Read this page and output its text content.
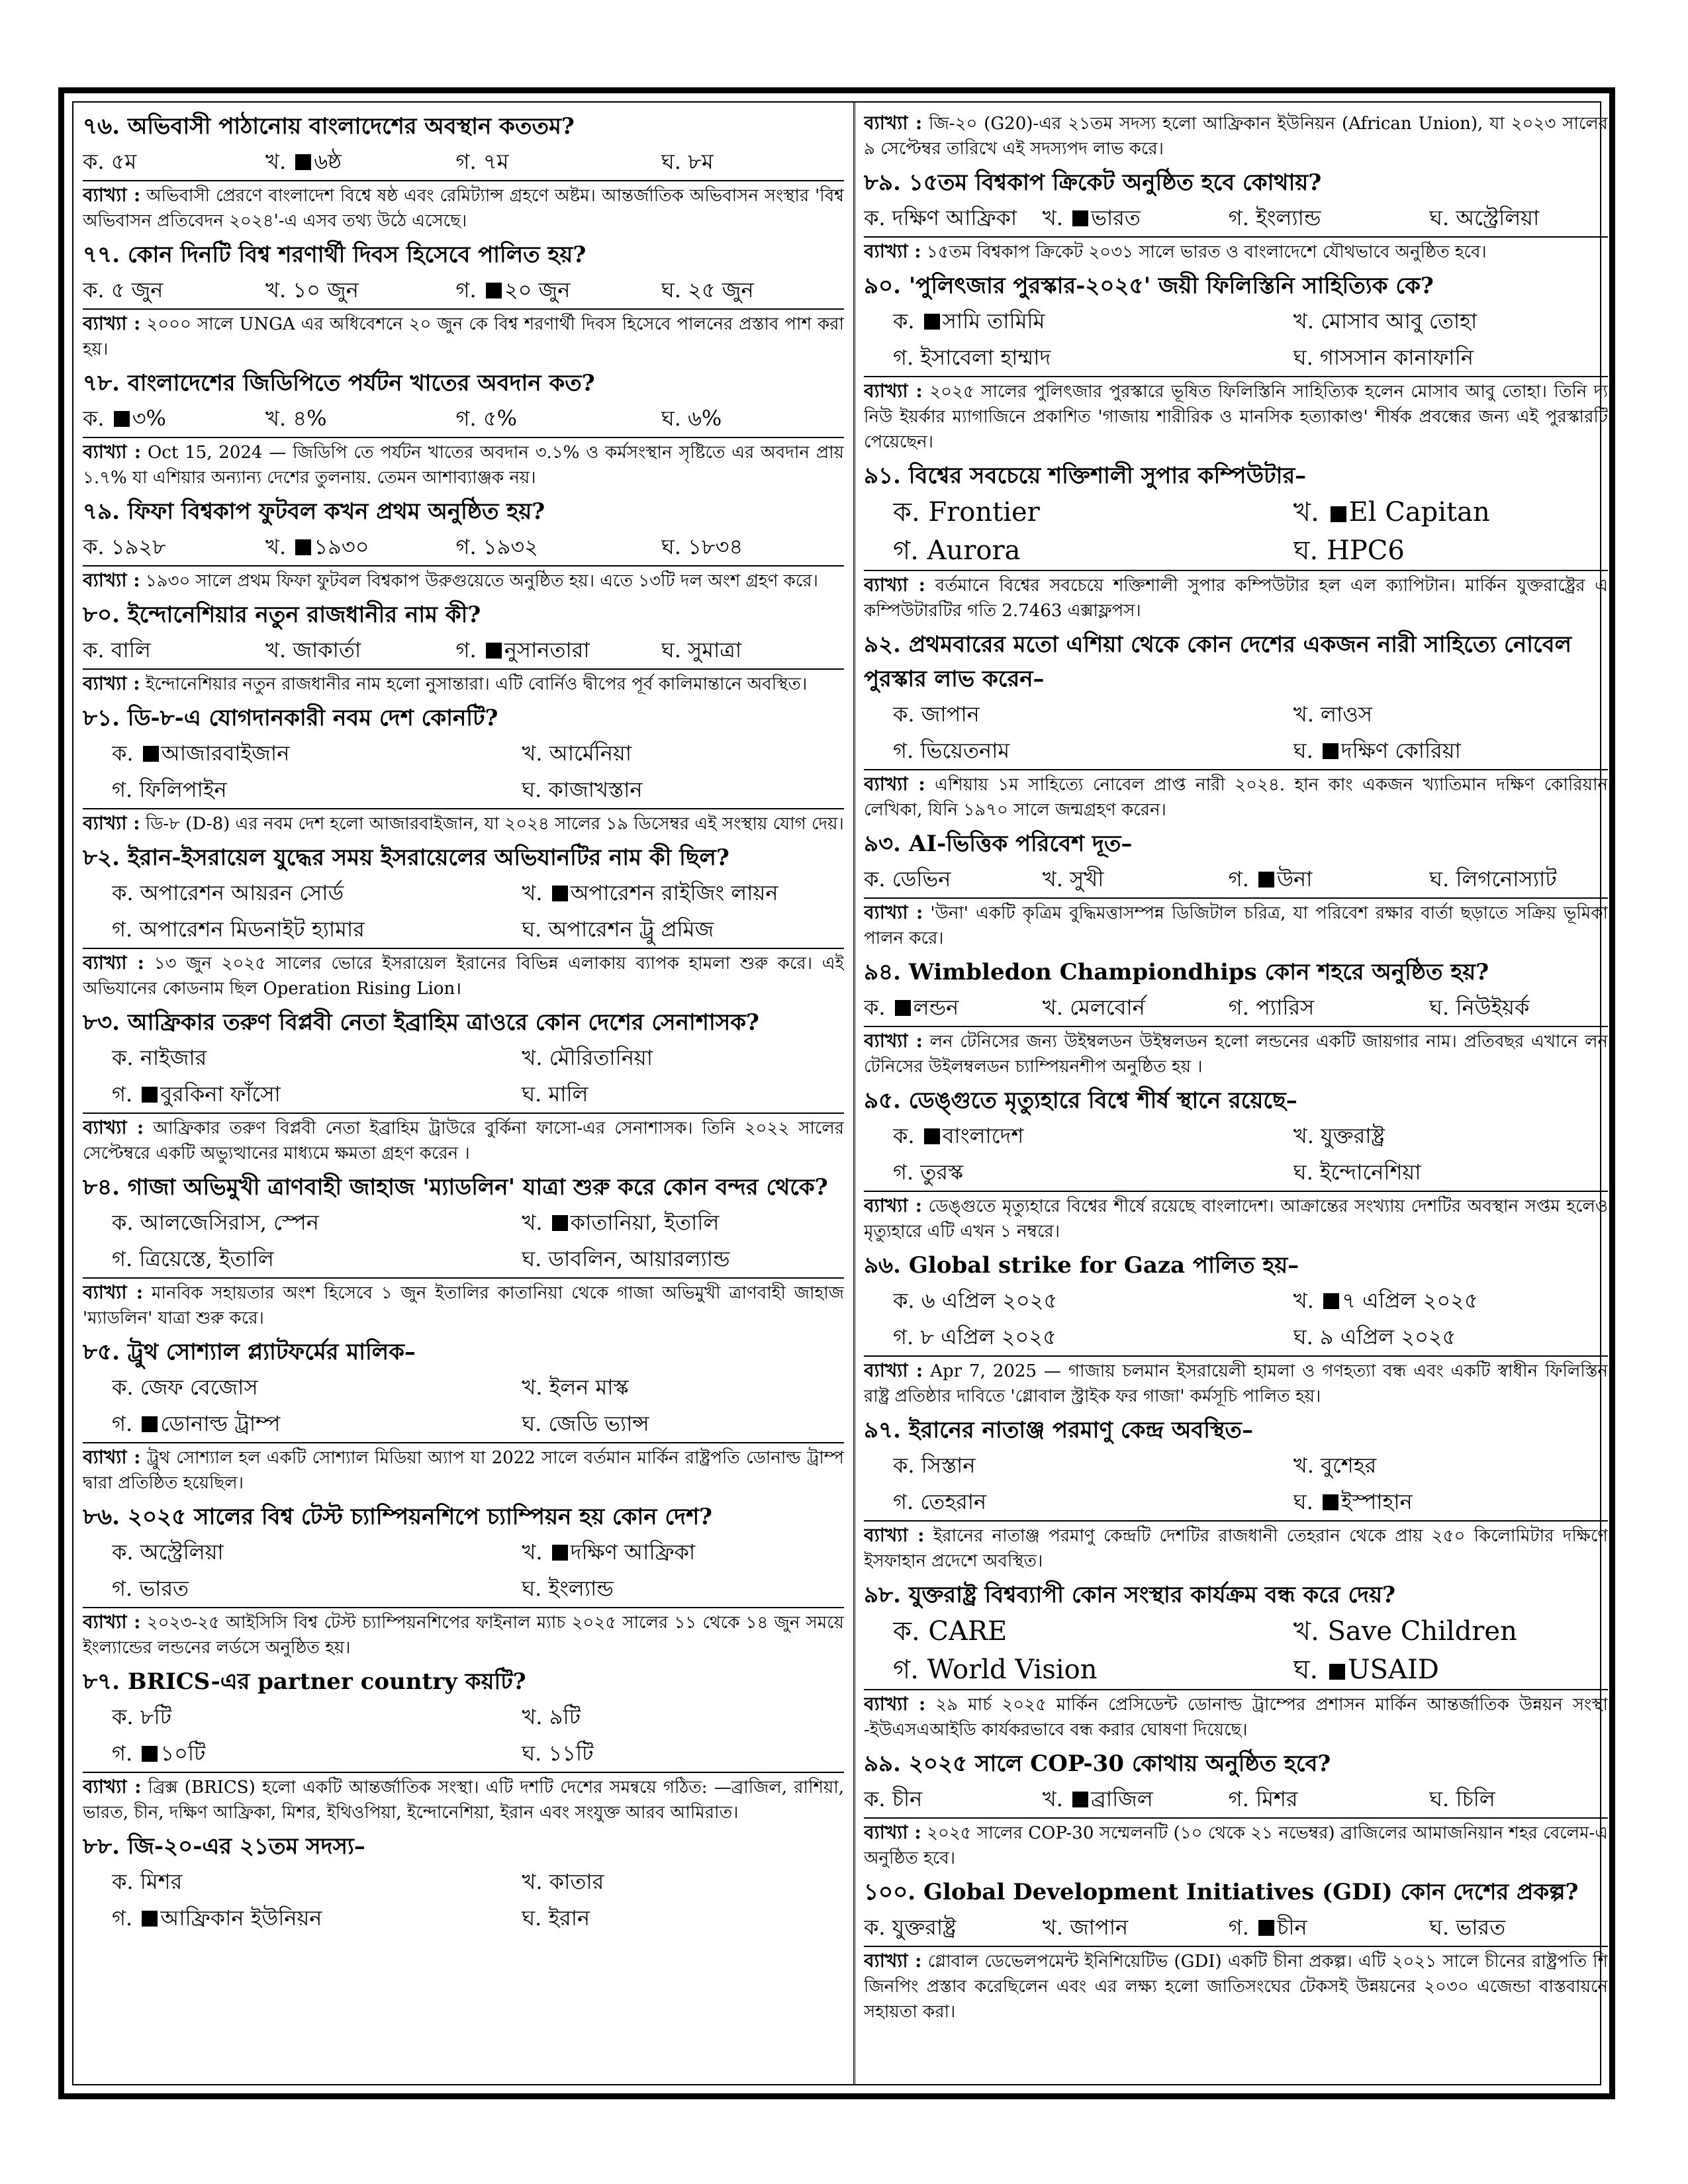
৭৬. অভিবাসী পাঠানোয় বাংলাদেশের অবস্থান কততম?
ক. ৫ম	খ. ৬ষ্ঠ	গ. ৭ম	ঘ. ৮ম
ব্যাখ্যা : অভিবাসী প্রেরণে বাংলাদেশ বিশ্বে ষষ্ঠ এবং রেমিট্যান্স গ্রহণে অষ্টম। আন্তর্জাতিক অভিবাসন সংস্থার 'বিশ্ব অভিবাসন প্রতিবেদন ২০২৪'-এ এসব তথ্য উঠে এসেছে।
৭৭. কোন দিনটি বিশ্ব শরণার্থী দিবস হিসেবে পালিত হয়?
ক. ৫ জুন	খ. ১০ জুন	গ. ২০ জুন	ঘ. ২৫ জুন
ব্যাখ্যা : ২০০০ সালে UNGA এর অধিবেশনে ২০ জুন কে বিশ্ব শরণার্থী দিবস হিসেবে পালনের প্রস্তাব পাশ করা হয়।
৭৮. বাংলাদেশের জিডিপিতে পর্যটন খাতের অবদান কত?
ক. ৩%	খ. ৪%	গ. ৫%	ঘ. ৬%
ব্যাখ্যা : Oct 15, 2024 — জিডিপি তে পর্যটন খাতের অবদান ৩.১% ও কর্মসংস্থান সৃষ্টিতে এর অবদান প্রায় ১.৭% যা এশিয়ার অন্যান্য দেশের তুলনায়. তেমন আশাব্যাঞ্জক নয়।
৭৯. ফিফা বিশ্বকাপ ফুটবল কখন প্রথম অনুষ্ঠিত হয়?
ক. ১৯২৮	খ. ১৯৩০	গ. ১৯৩২	ঘ. ১৮৩৪
ব্যাখ্যা : ১৯৩০ সালে প্রথম ফিফা ফুটবল বিশ্বকাপ উরুগুয়েতে অনুষ্ঠিত হয়। এতে ১৩টি দল অংশ গ্রহণ করে।
৮০. ইন্দোনেশিয়ার নতুন রাজধানীর নাম কী?
ক. বালি	খ. জাকার্তা	গ. নুসানতারা	ঘ. সুমাত্রা
ব্যাখ্যা : ইন্দোনেশিয়ার নতুন রাজধানীর নাম হলো নুসান্তারা। এটি বোর্নিও দ্বীপের পূর্ব কালিমান্তানে অবস্থিত।
৮১. ডি-৮-এ যোগদানকারী নবম দেশ কোনটি?
ক. আজারবাইজান	খ. আর্মেনিয়া
গ. ফিলিপাইন	ঘ. কাজাখস্তান
ব্যাখ্যা : ডি-৮ (D-8) এর নবম দেশ হলো আজারবাইজান, যা ২০২৪ সালের ১৯ ডিসেম্বর এই সংস্থায় যোগ দেয়।
৮২. ইরান-ইসরায়েল যুদ্ধের সময় ইসরায়েলের অভিযানটির নাম কী ছিল?
ক. অপারেশন আয়রন সোর্ড	খ. অপারেশন রাইজিং লায়ন
গ. অপারেশন মিডনাইট হ্যামার	ঘ. অপারেশন ট্রু প্রমিজ
ব্যাখ্যা : ১৩ জুন ২০২৫ সালের ভোরে ইসরায়েল ইরানের বিভিন্ন এলাকায় ব্যাপক হামলা শুরু করে। এই অভিযানের কোডনাম ছিল Operation Rising Lion।
৮৩. আফ্রিকার তরুণ বিপ্লবী নেতা ইব্রাহিম ত্রাওরে কোন দেশের সেনাশাসক?
ক. নাইজার	খ. মৌরিতানিয়া
গ. বুরকিনা ফাঁসো	ঘ. মালি
ব্যাখ্যা : আফ্রিকার তরুণ বিপ্লবী নেতা ইব্রাহিম ট্রাউরে বুর্কিনা ফাসো-এর সেনাশাসক। তিনি ২০২২ সালের সেপ্টেম্বরে একটি অভ্যুত্থানের মাধ্যমে ক্ষমতা গ্রহণ করেন ।
৮৪. গাজা অভিমুখী ত্রাণবাহী জাহাজ 'ম্যাডলিন' যাত্রা শুরু করে কোন বন্দর থেকে?
ক. আলজেসিরাস, স্পেন	খ. কাতানিয়া, ইতালি
গ. ত্রিয়েস্তে, ইতালি	ঘ. ডাবলিন, আয়ারল্যান্ড
ব্যাখ্যা : মানবিক সহায়তার অংশ হিসেবে ১ জুন ইতালির কাতানিয়া থেকে গাজা অভিমুখী ত্রাণবাহী জাহাজ 'ম্যাডলিন' যাত্রা শুরু করে।
৮৫. ট্রুথ সোশ্যাল প্ল্যাটফর্মের মালিক–
ক. জেফ বেজোস	খ. ইলন মাস্ক
গ. ডোনাল্ড ট্রাম্প	ঘ. জেডি ভ্যান্স
ব্যাখ্যা : ট্রুথ সোশ্যাল হল একটি সোশ্যাল মিডিয়া অ্যাপ যা 2022 সালে বর্তমান মার্কিন রাষ্ট্রপতি ডোনাল্ড ট্রাম্প দ্বারা প্রতিষ্ঠিত হয়েছিল।
৮৬. ২০২৫ সালের বিশ্ব টেস্ট চ্যাম্পিয়নশিপে চ্যাম্পিয়ন হয় কোন দেশ?
ক. অস্ট্রেলিয়া	খ. দক্ষিণ আফ্রিকা
গ. ভারত	ঘ. ইংল্যান্ড
ব্যাখ্যা : ২০২৩-২৫ আইসিসি বিশ্ব টেস্ট চ্যাম্পিয়নশিপের ফাইনাল ম্যাচ ২০২৫ সালের ১১ থেকে ১৪ জুন সময়ে ইংল্যান্ডের লন্ডনের লর্ডসে অনুষ্ঠিত হয়।
৮৭. BRICS-এর partner country কয়টি?
ক. ৮টি	খ. ৯টি
গ. ১০টি	ঘ. ১১টি
ব্যাখ্যা : ব্রিক্স (BRICS) হলো একটি আন্তর্জাতিক সংস্থা। এটি দশটি দেশের সমন্বয়ে গঠিত: —ব্রাজিল, রাশিয়া, ভারত, চীন, দক্ষিণ আফ্রিকা, মিশর, ইথিওপিয়া, ইন্দোনেশিয়া, ইরান এবং সংযুক্ত আরব আমিরাত।
৮৮. জি-২০-এর ২১তম সদস্য–
ক. মিশর	খ. কাতার
গ. আফ্রিকান ইউনিয়ন	ঘ. ইরান
ব্যাখ্যা : জি-২০ (G20)-এর ২১তম সদস্য হলো আফ্রিকান ইউনিয়ন (African Union), যা ২০২৩ সালের ৯ সেপ্টেম্বর তারিখে এই সদস্যপদ লাভ করে।
৮৯. ১৫তম বিশ্বকাপ ক্রিকেট অনুষ্ঠিত হবে কোথায়?
ক. দক্ষিণ আফ্রিকা	খ. ভারত	গ. ইংল্যান্ড	ঘ. অস্ট্রেলিয়া
ব্যাখ্যা : ১৫তম বিশ্বকাপ ক্রিকেট ২০৩১ সালে ভারত ও বাংলাদেশে যৌথভাবে অনুষ্ঠিত হবে।
৯০. 'পুলিৎজার পুরস্কার-২০২৫' জয়ী ফিলিস্তিনি সাহিত্যিক কে?
ক. সামি তামিমি	খ. মোসাব আবু তোহা
গ. ইসাবেলা হাম্মাদ	ঘ. গাসসান কানাফানি
ব্যাখ্যা : ২০২৫ সালের পুলিৎজার পুরস্কারে ভূষিত ফিলিস্তিনি সাহিত্যিক হলেন মোসাব আবু তোহা। তিনি দ্য নিউ ইয়র্কার ম্যাগাজিনে প্রকাশিত 'গাজায় শারীরিক ও মানসিক হত্যাকাণ্ড' শীর্ষক প্রবন্ধের জন্য এই পুরস্কারটি পেয়েছেন।
৯১. বিশ্বের সবচেয়ে শক্তিশালী সুপার কম্পিউটার–
ক. Frontier	খ. El Capitan
গ. Aurora	ঘ. HPC6
ব্যাখ্যা : বর্তমানে বিশ্বের সবচেয়ে শক্তিশালী সুপার কম্পিউটার হল এল ক্যাপিটান। মার্কিন যুক্তরাষ্ট্রের এ কম্পিউটারটির গতি 2.7463 এক্সাফ্লপস।
৯২. প্রথমবারের মতো এশিয়া থেকে কোন দেশের একজন নারী সাহিত্যে নোবেল পুরস্কার লাভ করেন–
ক. জাপান	খ. লাওস
গ. ভিয়েতনাম	ঘ. দক্ষিণ কোরিয়া
ব্যাখ্যা : এশিয়ায় ১ম সাহিত্যে নোবেল প্রাপ্ত নারী ২০২৪. হান কাং একজন খ্যাতিমান দক্ষিণ কোরিয়ান লেখিকা, যিনি ১৯৭০ সালে জন্মগ্রহণ করেন।
৯৩. AI-ভিত্তিক পরিবেশ দূত–
ক. ডেভিন	খ. সুখী	গ. উনা	ঘ. লিগনোস্যাট
ব্যাখ্যা : 'উনা' একটি কৃত্রিম বুদ্ধিমত্তাসম্পন্ন ডিজিটাল চরিত্র, যা পরিবেশ রক্ষার বার্তা ছড়াতে সক্রিয় ভূমিকা পালন করে।
৯৪. Wimbledon Championdhips কোন শহরে অনুষ্ঠিত হয়?
ক. লন্ডন	খ. মেলবোর্ন	গ. প্যারিস	ঘ. নিউইয়র্ক
ব্যাখ্যা : লন টেনিসের জন্য উইম্বলডন উইম্বলডন হলো লন্ডনের একটি জায়গার নাম। প্রতিবছর এখানে লন টেনিসের উইলম্বলডন চ্যাম্পিয়নশীপ অনুষ্ঠিত হয় ।
৯৫. ডেঙ্গুতে মৃত্যুহারে বিশ্বে শীর্ষ স্থানে রয়েছে–
ক. বাংলাদেশ	খ. যুক্তরাষ্ট্র
গ. তুরস্ক	ঘ. ইন্দোনেশিয়া
ব্যাখ্যা : ডেঙ্গুতে মৃত্যুহারে বিশ্বের শীর্ষে রয়েছে বাংলাদেশ। আক্রান্তের সংখ্যায় দেশটির অবস্থান সপ্তম হলেও মৃত্যুহারে এটি এখন ১ নম্বরে।
৯৬. Global strike for Gaza পালিত হয়–
ক. ৬ এপ্রিল ২০২৫	খ. ৭ এপ্রিল ২০২৫
গ. ৮ এপ্রিল ২০২৫	ঘ. ৯ এপ্রিল ২০২৫
ব্যাখ্যা : Apr 7, 2025 — গাজায় চলমান ইসরায়েলী হামলা ও গণহত্যা বন্ধ এবং একটি স্বাধীন ফিলিস্তিন রাষ্ট্র প্রতিষ্ঠার দাবিতে 'গ্লোবাল স্ট্রাইক ফর গাজা' কর্মসূচি পালিত হয়।
৯৭. ইরানের নাতাঞ্জ পরমাণু কেন্দ্র অবস্থিত–
ক. সিস্তান	খ. বুশেহর
গ. তেহরান	ঘ. ইস্পাহান
ব্যাখ্যা : ইরানের নাতাঞ্জ পরমাণু কেন্দ্রটি দেশটির রাজধানী তেহরান থেকে প্রায় ২৫০ কিলোমিটার দক্ষিণে ইসফাহান প্রদেশে অবস্থিত।
৯৮. যুক্তরাষ্ট্র বিশ্বব্যাপী কোন সংস্থার কার্যক্রম বন্ধ করে দেয়?
ক. CARE	খ. Save Children
গ. World Vision	ঘ. USAID
ব্যাখ্যা : ২৯ মার্চ ২০২৫ মার্কিন প্রেসিডেন্ট ডোনাল্ড ট্রাম্পের প্রশাসন মার্কিন আন্তর্জাতিক উন্নয়ন সংস্থা -ইউএসএআইডি কার্যকরভাবে বন্ধ করার ঘোষণা দিয়েছে।
৯৯. ২০২৫ সালে COP-30 কোথায় অনুষ্ঠিত হবে?
ক. চীন	খ. ব্রাজিল	গ. মিশর	ঘ. চিলি
ব্যাখ্যা : ২০২৫ সালের COP-30 সম্মেলনটি (১০ থেকে ২১ নভেম্বর) ব্রাজিলের আমাজনিয়ান শহর বেলেম-এ অনুষ্ঠিত হবে।
১০০. Global Development Initiatives (GDI) কোন দেশের প্রকল্প?
ক. যুক্তরাষ্ট্র	খ. জাপান	গ. চীন	ঘ. ভারত
ব্যাখ্যা : গ্লোবাল ডেভেলপমেন্ট ইনিশিয়েটিভ (GDI) একটি চীনা প্রকল্প। এটি ২০২১ সালে চীনের রাষ্ট্রপতি শি জিনপিং প্রস্তাব করেছিলেন এবং এর লক্ষ্য হলো জাতিসংঘের টেকসই উন্নয়নের ২০৩০ এজেন্ডা বাস্তবায়নে সহায়তা করা।
